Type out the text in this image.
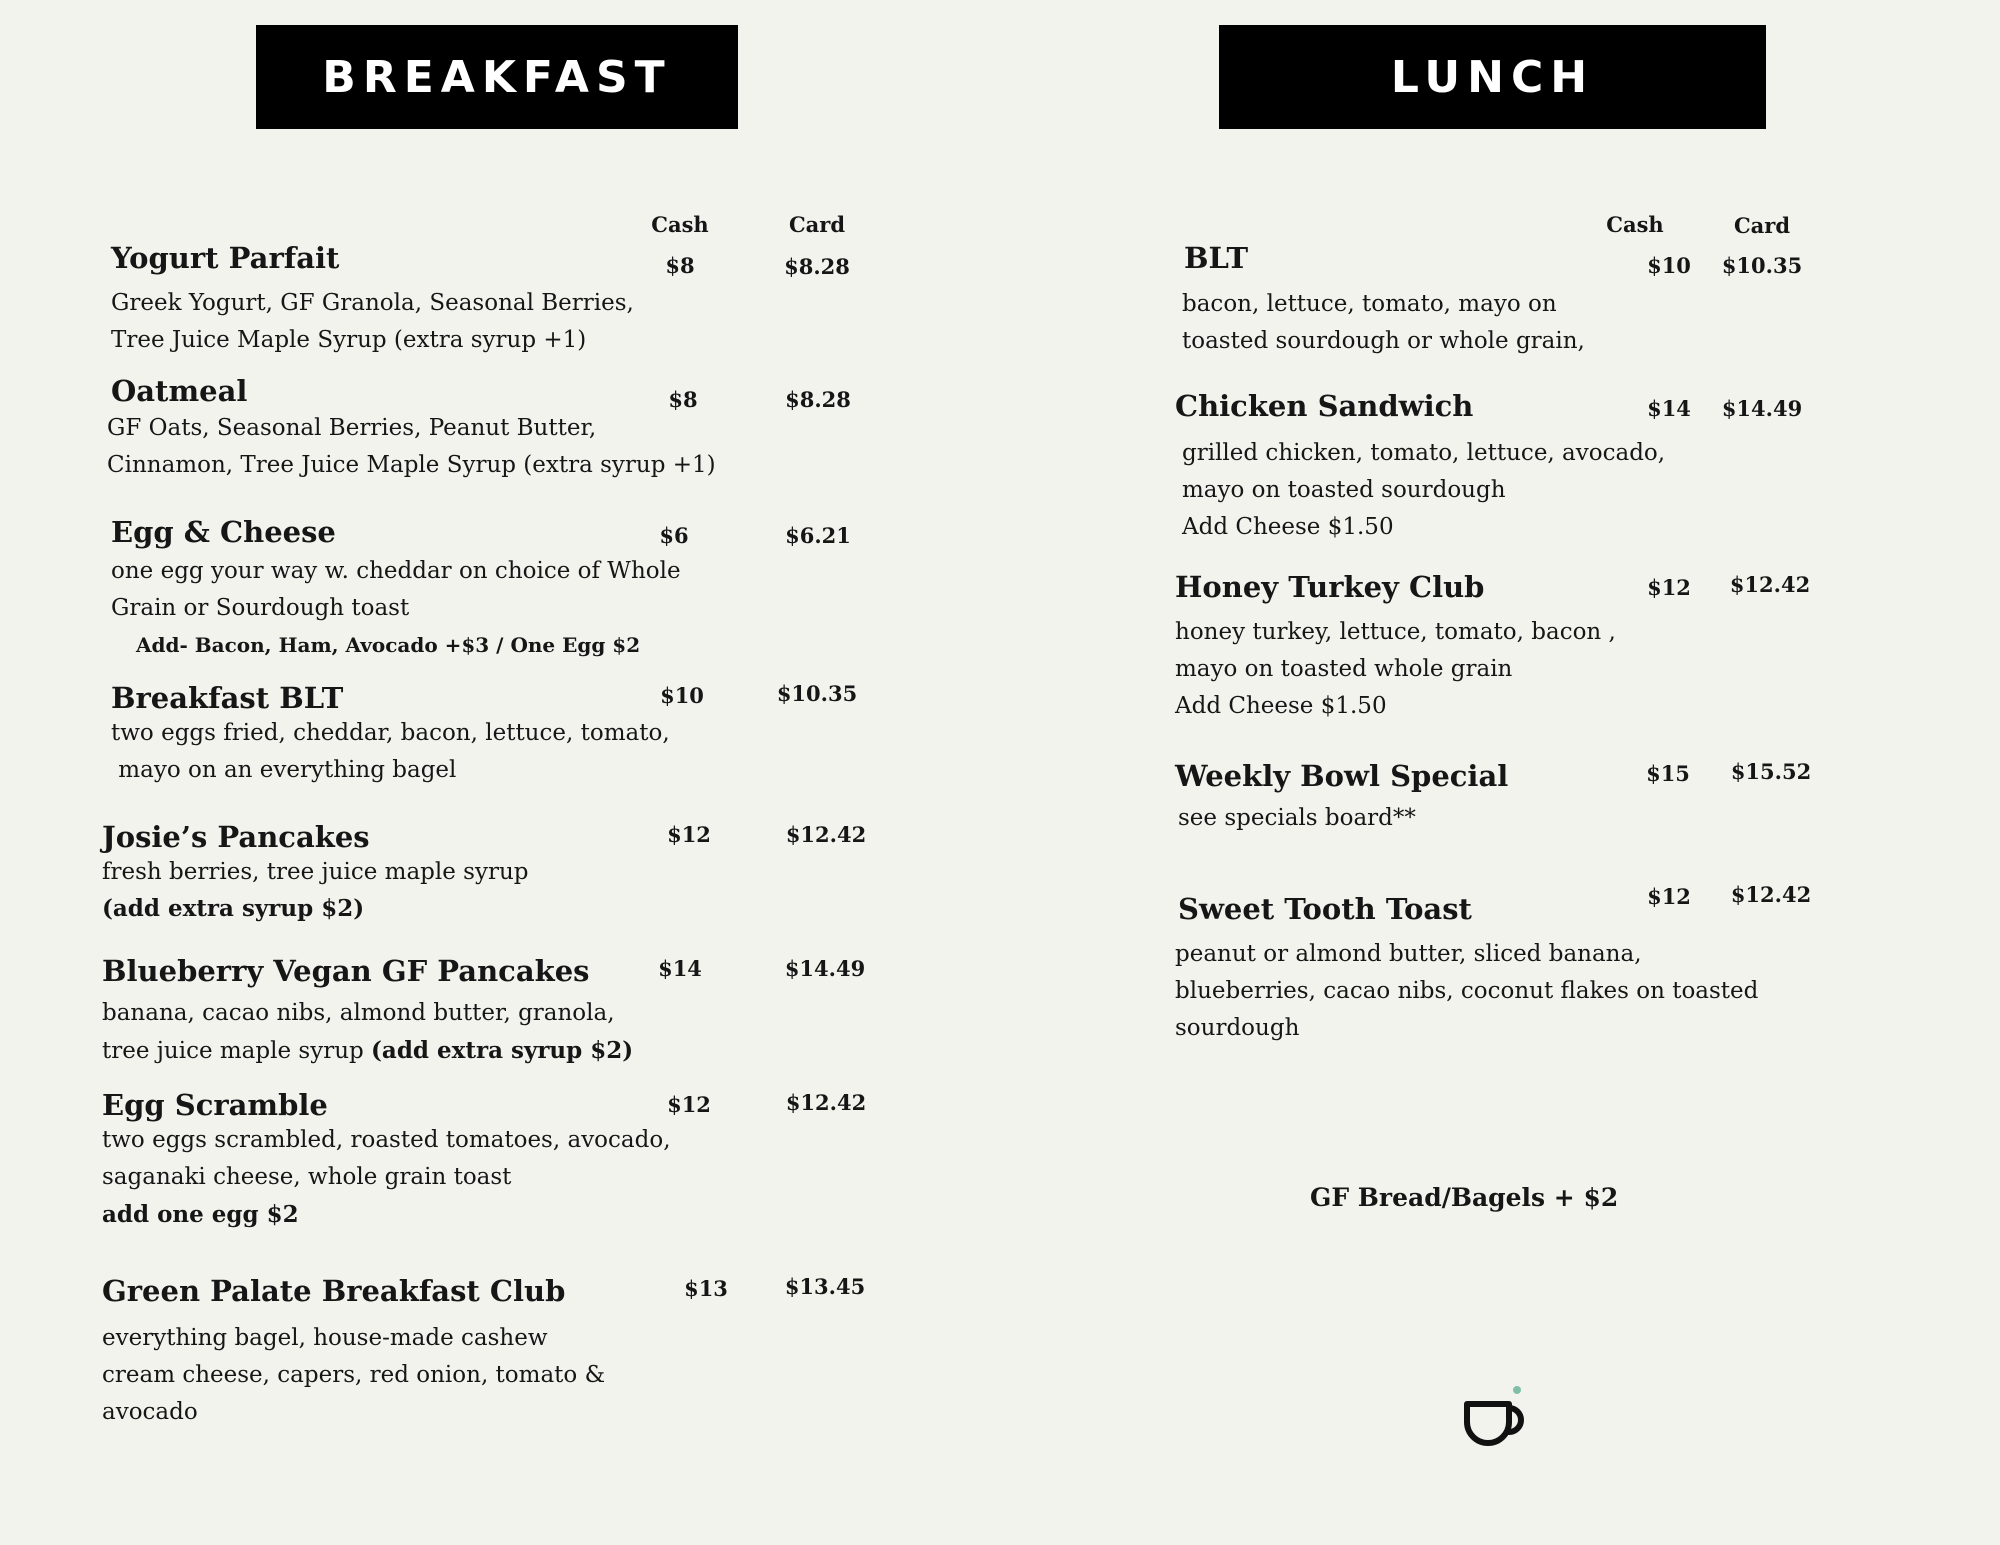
BREAKFAST	LUNCH
Cash	Card	Cash	Card
Yogurt Parfait	$8	$8.28
Greek Yogurt, GF Granola, Seasonal Berries,
Tree Juice Maple Syrup (extra syrup +1)
Oatmeal	$8	$8.28
GF Oats, Seasonal Berries, Peanut Butter,
Cinnamon, Tree Juice Maple Syrup (extra syrup +1)
Egg & Cheese	$6	$6.21
one egg your way w. cheddar on choice of Whole
Grain or Sourdough toast
Add- Bacon, Ham, Avocado +$3 / One Egg $2
Breakfast BLT	$10	$10.35
two eggs fried, cheddar, bacon, lettuce, tomato,
mayo on an everything bagel
Josie’s Pancakes	$12	$12.42
fresh berries, tree juice maple syrup
(add extra syrup $2)
Blueberry Vegan GF Pancakes	$14	$14.49
banana, cacao nibs, almond butter, granola,
tree juice maple syrup (add extra syrup $2)
Egg Scramble	$12	$12.42
two eggs scrambled, roasted tomatoes, avocado,
saganaki cheese, whole grain toast
add one egg $2
Green Palate Breakfast Club	$13	$13.45
everything bagel, house-made cashew
cream cheese, capers, red onion, tomato &
avocado
BLT	$10	$10.35
bacon, lettuce, tomato, mayo on
toasted sourdough or whole grain,
Chicken Sandwich	$14	$14.49
grilled chicken, tomato, lettuce, avocado,
mayo on toasted sourdough
Add Cheese $1.50
Honey Turkey Club	$12	$12.42
honey turkey, lettuce, tomato, bacon ,
mayo on toasted whole grain
Add Cheese $1.50
Weekly Bowl Special	$15	$15.52
see specials board**
Sweet Tooth Toast	$12	$12.42
peanut or almond butter, sliced banana,
blueberries, cacao nibs, coconut flakes on toasted
sourdough
GF Bread/Bagels + $2
